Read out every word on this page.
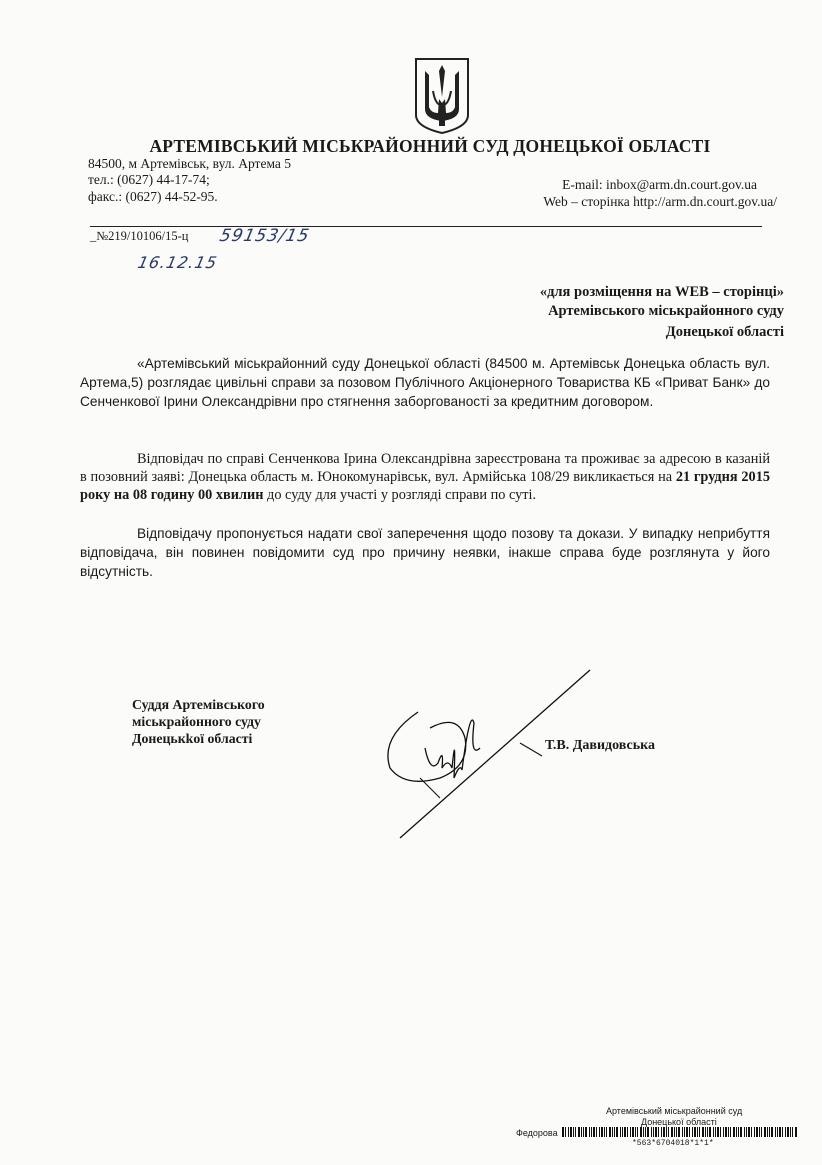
АРТЕМІВСЬКИЙ МІСЬКРАЙОННИЙ СУД ДОНЕЦЬКОЇ ОБЛАСТІ
84500, м Артемівськ, вул. Артема 5
тел.: (0627) 44-17-74;
факс.: (0627) 44-52-95.
E-mail: inbox@arm.dn.court.gov.ua
Web – сторінка http://arm.dn.court.gov.ua/
_№219/10106/15-ц 59153/15
16.12.15
«для розміщення на WEB – сторінці»
Артемівського міськрайонного суду
Донецької області

«Артемівський міськрайонний суду Донецької області (84500 м. Артемівськ Донецька область вул. Артема,5) розглядає цивільні справи за позовом Публічного Акціонерного Товариства КБ «Приват Банк» до Сенченкової Ірини Олександрівни про стягнення заборгованості за кредитним договором.

Відповідач по справі Сенченкова Ірина Олександрівна зареєстрована та проживає за адресою в казаній в позовний заяві: Донецька область м. Юнокомунарівськ, вул. Армійська 108/29 викликається на 21 грудня 2015 року на 08 годину 00 хвилин до суду для участі у розгляді справи по суті.

Відповідачу пропонується надати свої заперечення щодо позову та докази. У випадку неприбуття відповідача, він повинен повідомити суд про причину неявки, інакше справа буде розглянута у його відсутність.

Суддя Артемівського
міськрайонного суду
Донецькkої області	Т.В. Давидовська
Артемівський міськрайонний суд
Донецької області
Федорова
*563*6704018*1*1*
